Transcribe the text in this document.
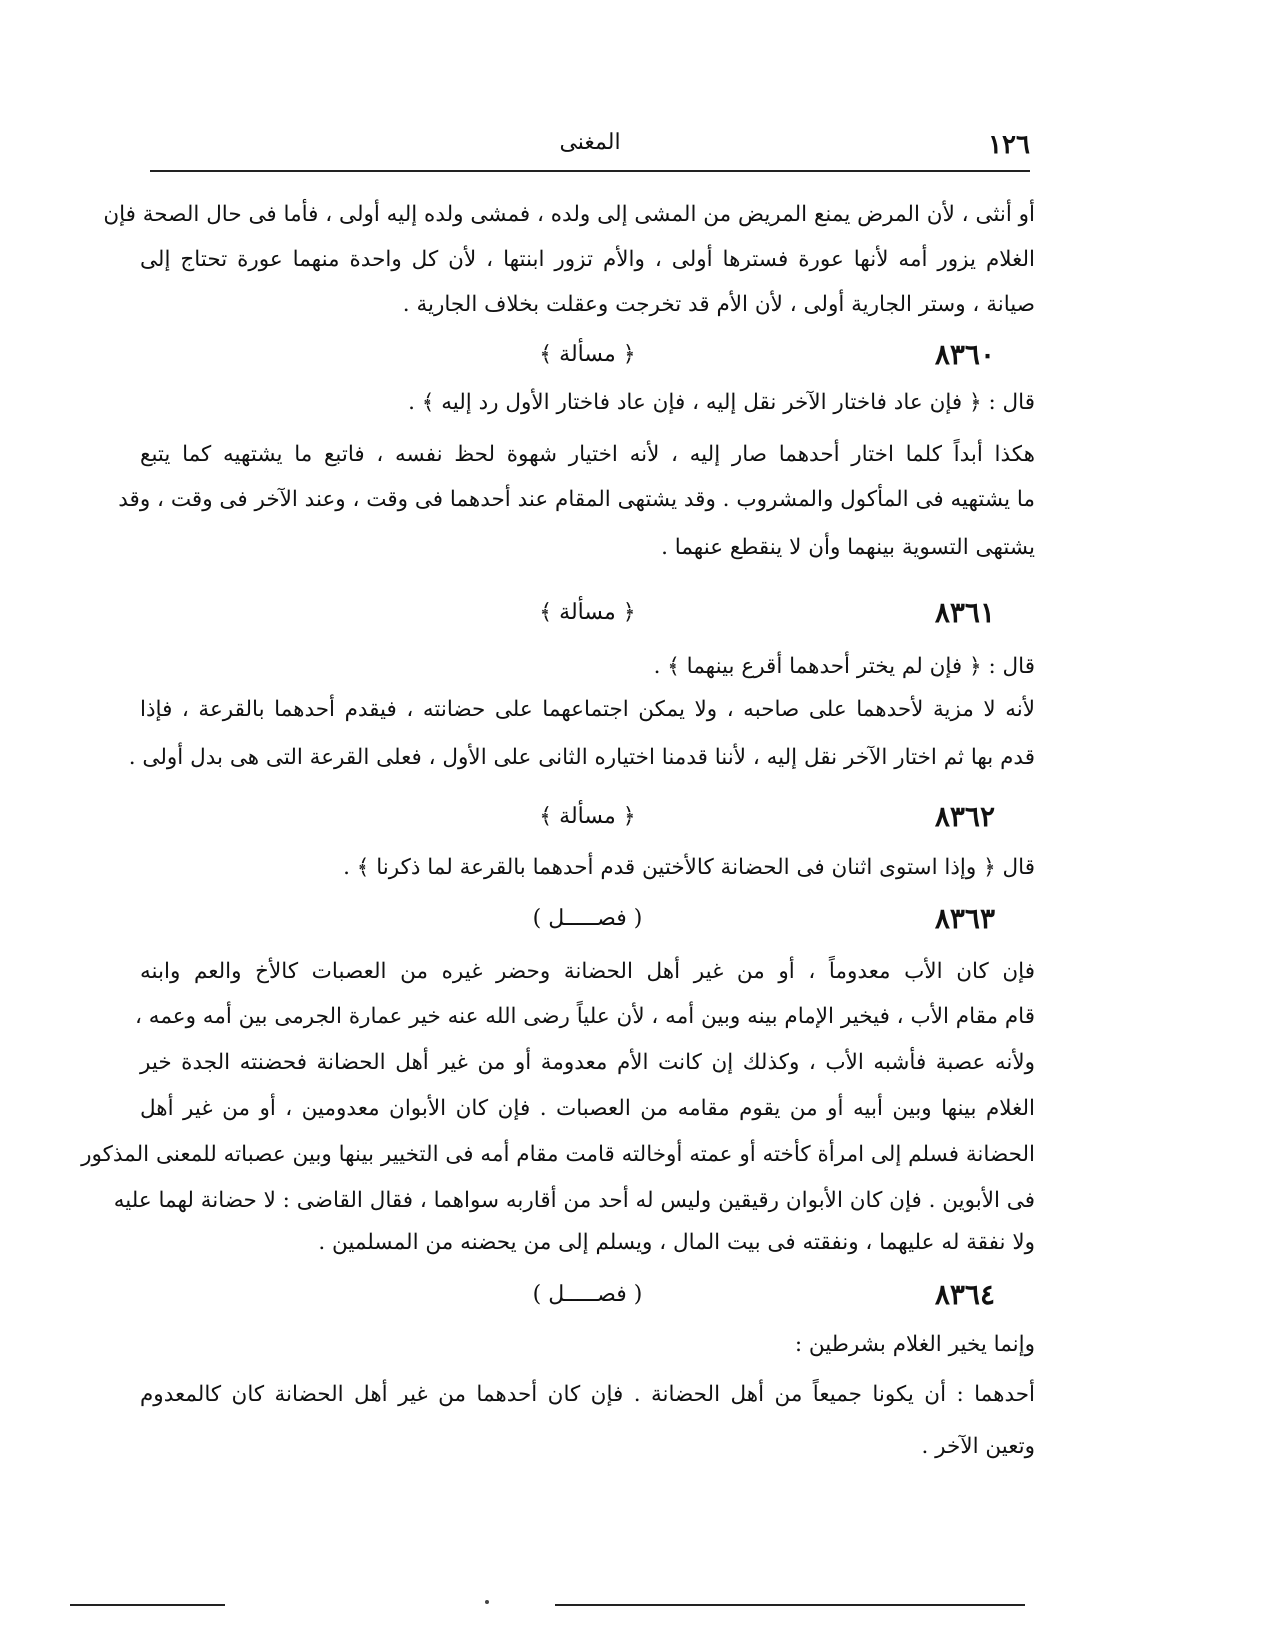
١٢٦
المغنى
أو أنثى ، لأن المرض يمنع المريض من المشى إلى ولده ، فمشى ولده إليه أولى ، فأما فى حال الصحة فإن
الغلام يزور أمه لأنها عورة فسترها أولى ، والأم تزور ابنتها ، لأن كل واحدة منهما عورة تحتاج إلى
صيانة ، وستر الجارية أولى ، لأن الأم قد تخرجت وعقلت بخلاف الجارية .
٨٣٦٠
﴿ مسألة ﴾
قال : ﴿ فإن عاد فاختار الآخر نقل إليه ، فإن عاد فاختار الأول رد إليه ﴾ .
هكذا أبداً كلما اختار أحدهما صار إليه ، لأنه اختيار شهوة لحظ نفسه ، فاتبع ما يشتهيه كما يتبع
ما يشتهيه فى المأكول والمشروب . وقد يشتهى المقام عند أحدهما فى وقت ، وعند الآخر فى وقت ، وقد
يشتهى التسوية بينهما وأن لا ينقطع عنهما .
٨٣٦١
﴿ مسألة ﴾
قال : ﴿ فإن لم يختر أحدهما أقرع بينهما ﴾ .
لأنه لا مزية لأحدهما على صاحبه ، ولا يمكن اجتماعهما على حضانته ، فيقدم أحدهما بالقرعة ، فإذا
قدم بها ثم اختار الآخر نقل إليه ، لأننا قدمنا اختياره الثانى على الأول ، فعلى القرعة التى هى بدل أولى .
٨٣٦٢
﴿ مسألة ﴾
قال ﴿ وإذا استوى اثنان فى الحضانة كالأختين قدم أحدهما بالقرعة لما ذكرنا ﴾ .
٨٣٦٣
( فصـــــل )
فإن كان الأب معدوماً ، أو من غير أهل الحضانة وحضر غيره من العصبات كالأخ والعم وابنه
قام مقام الأب ، فيخير الإمام بينه وبين أمه ، لأن علياً رضى الله عنه خير عمارة الجرمى بين أمه وعمه ،
ولأنه عصبة فأشبه الأب ، وكذلك إن كانت الأم معدومة أو من غير أهل الحضانة فحضنته الجدة خير
الغلام بينها وبين أبيه أو من يقوم مقامه من العصبات . فإن كان الأبوان معدومين ، أو من غير أهل
الحضانة فسلم إلى امرأة كأخته أو عمته أوخالته قامت مقام أمه فى التخيير بينها وبين عصباته للمعنى المذكور
فى الأبوين . فإن كان الأبوان رقيقين وليس له أحد من أقاربه سواهما ، فقال القاضى : لا حضانة لهما عليه
ولا نفقة له عليهما ، ونفقته فى بيت المال ، ويسلم إلى من يحضنه من المسلمين .
٨٣٦٤
( فصـــــل )
وإنما يخير الغلام بشرطين :
أحدهما : أن يكونا جميعاً من أهل الحضانة . فإن كان أحدهما من غير أهل الحضانة كان كالمعدوم
وتعين الآخر .
